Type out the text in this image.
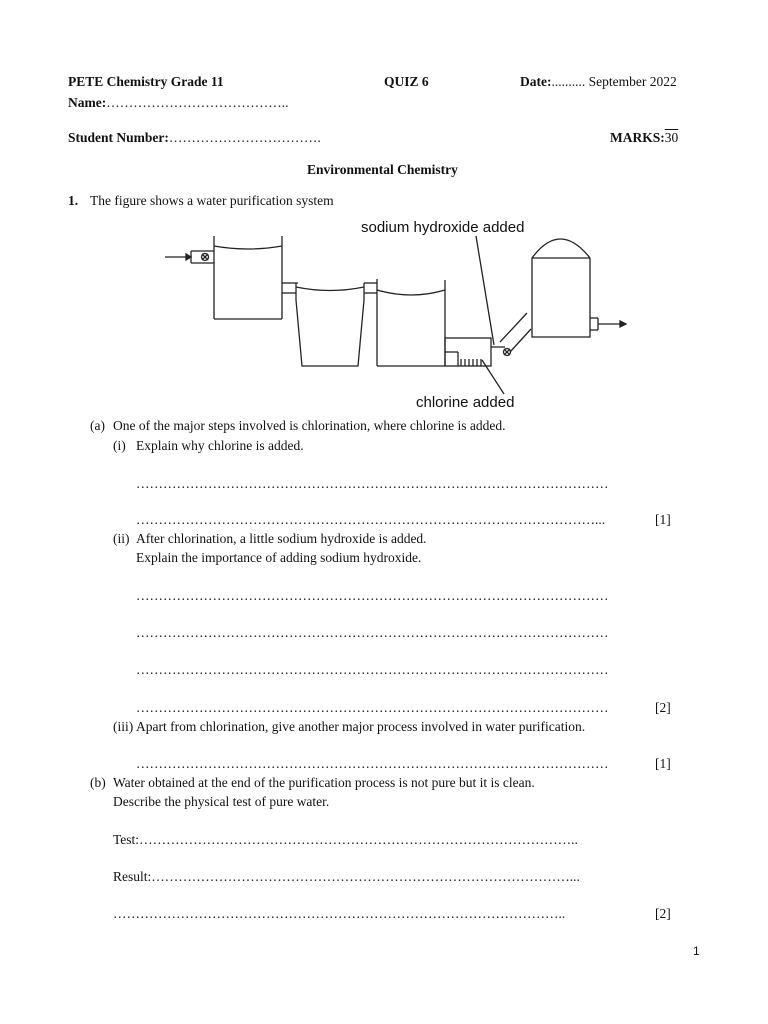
PETE Chemistry Grade 11	QUIZ 6	Date:.......... September 2022
Name:…………………………………..
Student Number:…………………………….	MARKS:30
Environmental Chemistry
1. The figure shows a water purification system
sodium hydroxide added
chlorine added
(a) One of the major steps involved is chlorination, where chlorine is added.
(i) Explain why chlorine is added.
……………………………………………………………………………………………
…………………………………………………………………………………………...	[1]
(ii) After chlorination, a little sodium hydroxide is added.
Explain the importance of adding sodium hydroxide.
……………………………………………………………………………………………
……………………………………………………………………………………………
……………………………………………………………………………………………
……………………………………………………………………………………………	[2]
(iii) Apart from chlorination, give another major process involved in water purification.
……………………………………………………………………………………………	[1]
(b) Water obtained at the end of the purification process is not pure but it is clean.
Describe the physical test of pure water.
Test:……………………………………………………………………………………..
Result:…………………………………………………………………………………...
………………………………………………………………………………………..	[2]
1
